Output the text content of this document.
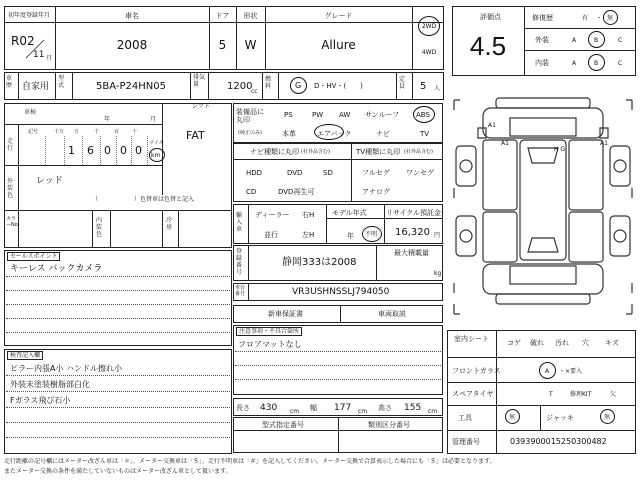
初年度登録年月
R02
11 月
車名
2008
ドア
5
形状
W
グレード
Allure
2WD
4WD
車歴	自家用
型式	5BA-P24HN05
排気量	1200
cc
燃料	G D・HV・(　　)
定員	5 人
評価点
4.5
修復歴	有 ・ 無
外装	A	B	C
内装	A	B	C
車検
年	月
シフト
FAT
走行
記号	十万 万	千	百	十
1 6 0 0 0
マイル
km
外装色
レッド
（　　　　　　）色替車は色替と記入
カラーNo.
内装色
冷房
装備品に丸印
(純正のみ)
PS	PW AW サンルーフ ABS
本革	エアバック	ナビ	TV
ナビ種類に丸印 (社外品含む)
HDD	DVD	SD
CD	DVD再生可
TV種類に丸印 (社外品含む)
フルセグ ワンセグ
アナログ
輸入車
ディーラー 右H
並行	左H
モデル年式
年 不明
リサイクル預託金
16,320 円
登録番号
静岡333は2008
最大積載量
kg
車台番号	VR3USHNSSLJ794050
新車保証書	車両取説
セールスポイント
キーレス バックカメラ
注意事項・不具合箇所
フロアマットなし
検査記入欄
ピラー内張A小 ハンドル擦れ小
外装未塗装樹脂部白化
Fガラス飛び石小
長さ 430 cm 幅 177 cm 高さ 155 cm
型式指定番号	類別区分番号
A1
A1	A1
H G
室内シート	コゲ 破れ 汚れ 穴 キズ
フロントガラス	A ・×要入
スペアタイヤ	T	修理KIT	欠
工具	無	ジャッキ	無
管理番号	0393900015250300482
走行距離の記号欄にはメーター改ざん車は「＊」、メーター交換車は「＄」、走行不明車は「＃」を記入してください。メーター交換で合算表示した場合にも「＄」は必要となります。
またメーター交換の条件を満たしていないものはメーター改ざん車として扱います。
